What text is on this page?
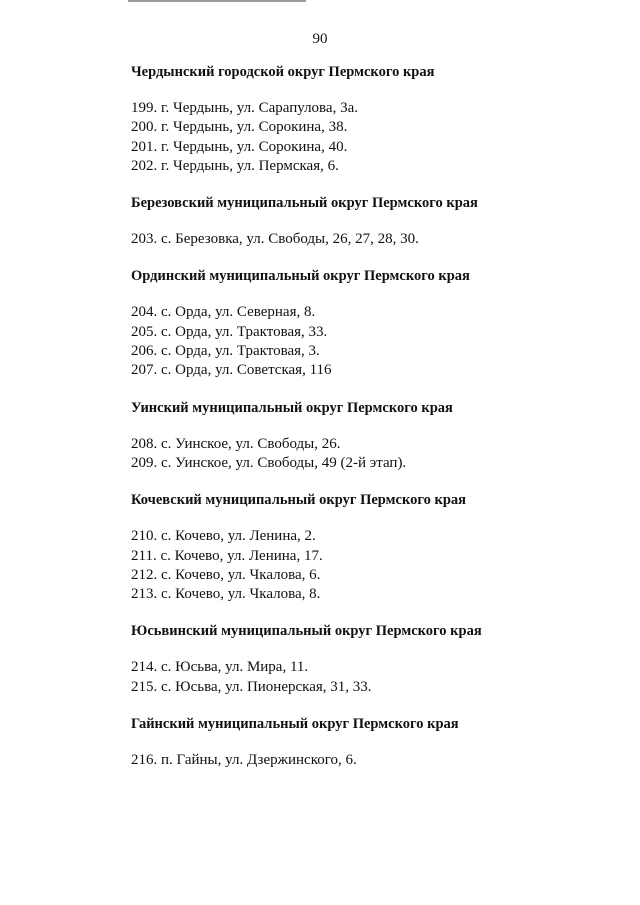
90
Чердынский городской округ Пермского края
199. г. Чердынь, ул. Сарапулова, 3а.
200. г. Чердынь, ул. Сорокина, 38.
201. г. Чердынь, ул. Сорокина, 40.
202. г. Чердынь, ул. Пермская, 6.
Березовский муниципальный округ Пермского края
203. с. Березовка, ул. Свободы, 26, 27, 28, 30.
Ординский муниципальный округ Пермского края
204. с. Орда, ул. Северная, 8.
205. с. Орда, ул. Трактовая, 33.
206. с. Орда, ул. Трактовая, 3.
207. с. Орда, ул. Советская, 116
Уинский муниципальный округ Пермского края
208. с. Уинское, ул. Свободы, 26.
209. с. Уинское, ул. Свободы, 49 (2-й этап).
Кочевский муниципальный округ Пермского края
210. с. Кочево, ул. Ленина, 2.
211. с. Кочево, ул. Ленина, 17.
212. с. Кочево, ул. Чкалова, 6.
213. с. Кочево, ул. Чкалова, 8.
Юсьвинский муниципальный округ Пермского края
214. с. Юсьва, ул. Мира, 11.
215. с. Юсьва, ул. Пионерская, 31, 33.
Гайнский муниципальный округ Пермского края
216. п. Гайны, ул. Дзержинского, 6.
